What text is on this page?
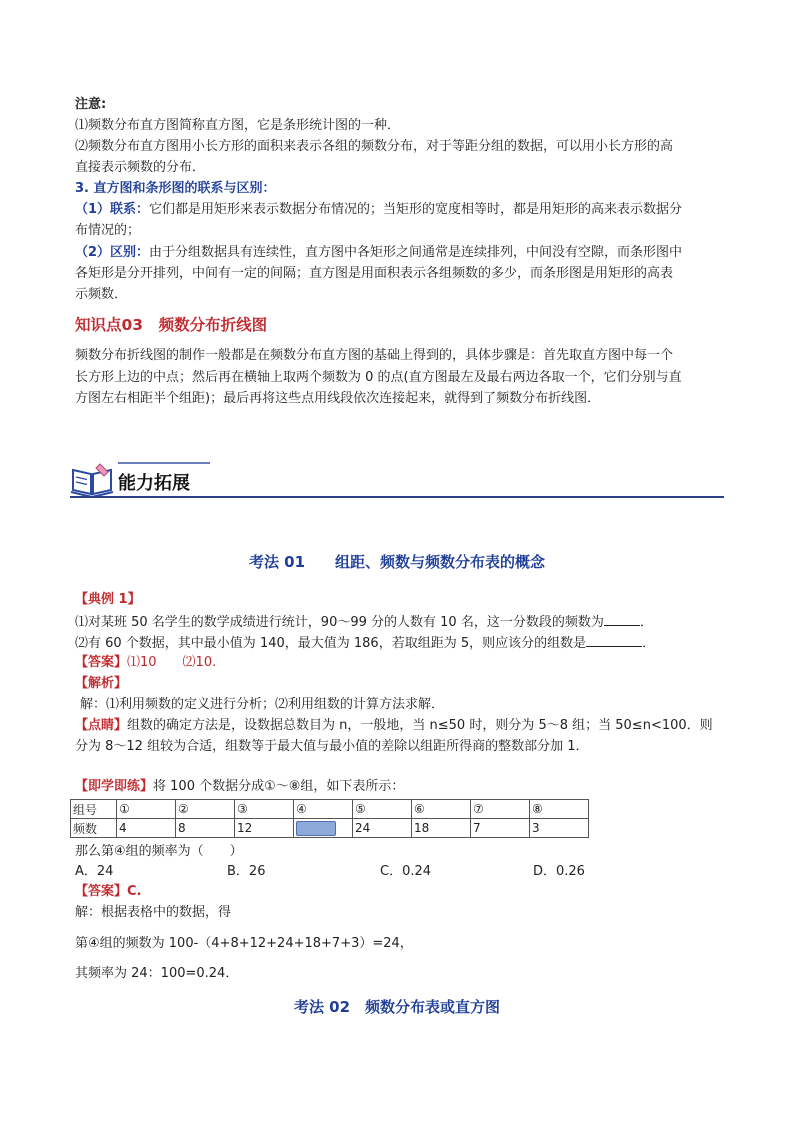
注意:
⑴频数分布直方图简称直方图，它是条形统计图的一种．
⑵频数分布直方图用小长方形的面积来表示各组的频数分布，对于等距分组的数据，可以用小长方形的高
直接表示频数的分布．
3. 直方图和条形图的联系与区别：
（1）联系：它们都是用矩形来表示数据分布情况的；当矩形的宽度相等时，都是用矩形的高来表示数据分
布情况的；
（2）区别：由于分组数据具有连续性，直方图中各矩形之间通常是连续排列，中间没有空隙，而条形图中
各矩形是分开排列，中间有一定的间隔；直方图是用面积表示各组频数的多少，而条形图是用矩形的高表
示频数．
知识点03　频数分布折线图
频数分布折线图的制作一般都是在频数分布直方图的基础上得到的，具体步骤是：首先取直方图中每一个
长方形上边的中点；然后再在横轴上取两个频数为 0 的点(直方图最左及最右两边各取一个，它们分别与直
方图左右相距半个组距)；最后再将这些点用线段依次连接起来，就得到了频数分布折线图．
能力拓展
考法 01　　组距、频数与频数分布表的概念
【典例 1】
⑴对某班 50 名学生的数学成绩进行统计，90～99 分的人数有 10 名，这一分数段的频数为	．
⑵有 60 个数据，其中最小值为 140，最大值为 186，若取组距为 5，则应该分的组数是	．
【答案】⑴10　　⑵10.
【解析】
解：⑴利用频数的定义进行分析；⑵利用组数的计算方法求解．
【点睛】组数的确定方法是，设数据总数目为 n，一般地，当 n≤50 时，则分为 5～8 组；当 50≤n<100．则
分为 8～12 组较为合适，组数等于最大值与最小值的差除以组距所得商的整数部分加 1．
【即学即练】将 100 个数据分成①～⑧组，如下表所示：
组号	①	②	③	④	⑤	⑥	⑦	⑧
频数	4	8	12		24	18	7	3
那么第④组的频率为（　　）
A．24	B．26	C．0.24	D．0.26
【答案】C.
解：根据表格中的数据，得
第④组的频数为 100-（4+8+12+24+18+7+3）=24，
其频率为 24：100=0.24．
考法 02　频数分布表或直方图
